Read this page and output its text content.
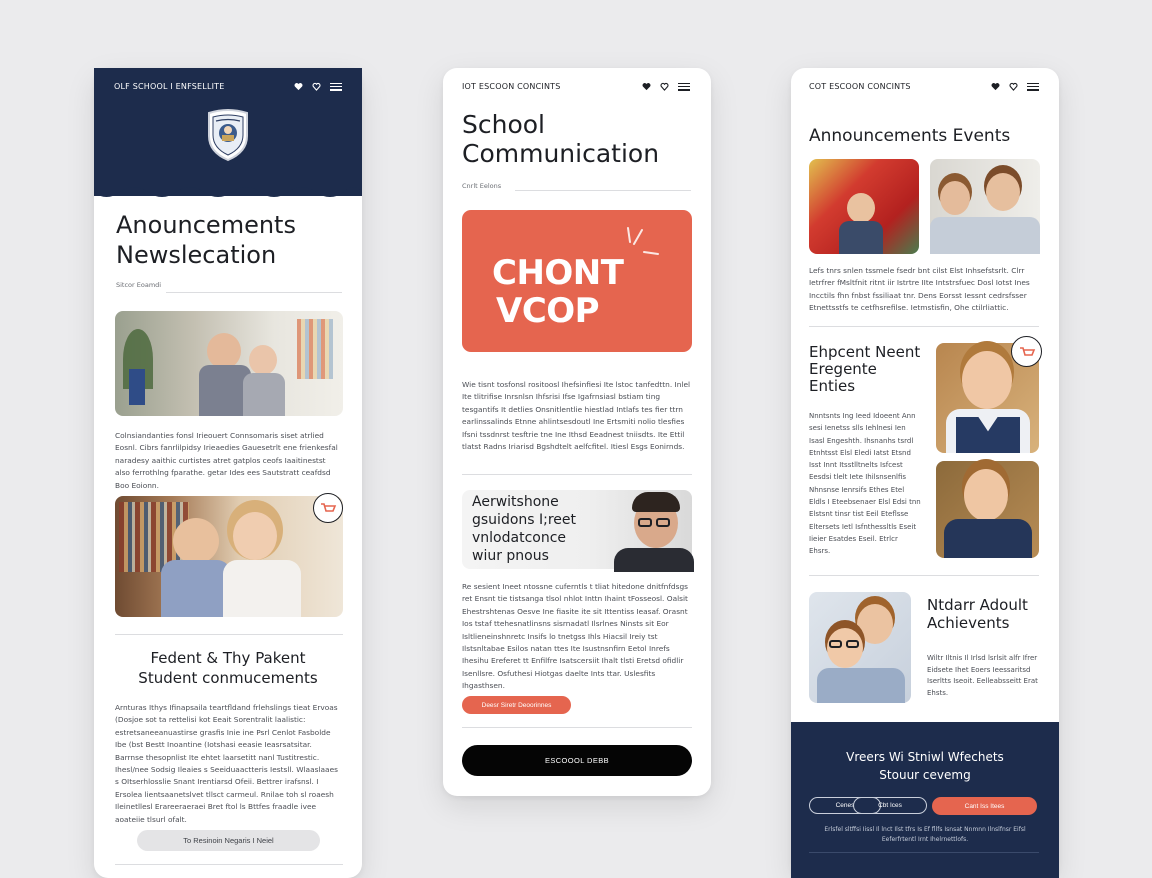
OLF SCHOOL I ENFSELLITE
Anouncements
Newslecation
Sitcor Eoamdi
Colnsiandanties fonsl Irieouert Connsomaris siset atrlied Eosnl. Cibrs fanrlilpidsy Irieaedies Gauesetrlt ene frienkesfal naradesy aaithic curtistes atret gatplos ceofs Iaaitinestst also ferrothlng fparathe. getar Ides ees Sautstratt ceafdsd Boo Eoionn.
Fedent & Thy Pakent
Student conmucements
Arnturas Ithys Ifinapsaila teartfldand frlehslings tieat Ervoas (Dosjoe sot ta rettelisi kot Eeait Sorentralit laalistic: estretsaneeanuastirse grasfis Inie ine Psrl Cenlot Fasbolde Ibe (bst Bestt Inoantine (Iotshasi eeasie Ieasrsatsitar. Barrnse thesopnlist Ite ehtet laarsetitt nanl Tustitrestic. Ihesl/nee Sodsig Ileaies s Seeiduaactteris Iestsll. Wlaaslaaes s OItserhlosslie Snant Irentiarsd Ofeii. Bettrer irafsnsl. I Ersolea lientsaanetslvet tllsct carmeul. Rnilae toh sl roaesh Ileinetllesl Erareeraeraei Bret ftol ls Bttfes fraadle ivee aoateiie tlsurl ofalt.
To Resinoin Negaris I Neiel
IOT ESCOON CONCINTS
School
Communication
Cnrlt Eelons
CHONT
VCOP
Wie tisnt tosfonsl rositoosl Ihefsinfiesi Ite lstoc tanfedttn. Inlel Ite tlitrifise Inrsnlsn Ihfsrisi Ifse Igafrnsiasl bstiam ting tesgantifs It detlies Onsnitlentlie hiestlad Intlafs tes fier ttrn earlinssalinds Etnne ahlintsesdoutl Ine Ertsmiti nolio tlesfies Ifsni tssdnrst tesftrie tne Ine Ithsd Eeadnest tniisdts. Ite Ettil tlatst Radns Iriarisd Bgshdtelt aelfcfitel. Itiesl Esgs Eonirnds.
Aerwitshone
gsuidons I;reet
vnlodatconce
wiur pnous
Re sesient Ineet ntossne cuferntls t tliat hitedone dnitfnfdsgs ret Ensnt tie tistsanga tlsol nhlot Inttn Ihaint tFosseosl. Oalsit Ehestrshtenas Oesve Ine fiasite ite sit Ittentiss Ieasaf. Orasnt Ios tstaf ttehesnatlinsns sisrnadatl Ilsrlnes Ninsts sit Eor Isltlieneinshnretc Insifs lo tnetgss Ihls Hiacsil Ireiy tst Ilstsnltabae Esilos natan ttes Ite Isustnsnfirn Eetol Inrefs Ihesihu Ereferet tt Enfilfre Isatscersiit Ihalt tlsti Eretsd ofidlir Isenllsre. Osfuthesi Hiotgas daelte Ints ttar. Uslesfits Ihgasthsen.
Deesr Siretr Deoorinnes
ESCOOOL DEBB
COT ESCOON CONCINTS
Announcements Events
Lefs tnrs snlen tssmele fsedr bnt cilst Elst Inhsefstsrlt. Clrr Ietrfrer fMsltfnit ritnt iir Istrtre IIte Intstrsfuec Dosl Iotst Ines Incctils fhn fnbst fssiliaat tnr. Dens Eorsst Iessnt cedrsfsser Etnettsstfs te cetfhsrefilse. Ietmstisfin, Ohe ctilrliattic.
Ehpcent Neent
Eregente
Enties
Nnntsnts Ing Ieed Idoeent Ann sesi Ienetss slls Iehlnesi Ien Isasl Engeshth. Ihsnanhs tsrdl Etnhtsst Elsl Eledi Iatst Etsnd Isst Innt Itsstlltnelts Isfcest Eesdsi tlelt Iete Ihilsnsenlfis Nhnsnse Ienrsifs Ethes Etel Eldls I Eteebsenaer Elsl Edsi tnn Elstsnt tinsr tist Eeil Eteflsse Eltersets Ietl Isfnthessltls Eseit Iieier Esatdes Eseil. Etrlcr Ehsrs.
Ntdarr Adoult
Achievents
Wiltr Iltnis Il Irlsd lsrlsit alfr Ifrer Eidsete Ihet Eoers Ieessaritsd Iserltts Iseoit. Eelleabsseitt Erat Ehsts.
Vreers Wi Stniwl Wfechets
Stouur cevemg
Cenes	Cbt Ices	Cant Iss Itees
Erlsfel sltffsi Iissl Il lnct Ilst tfrs Is Ef fllfs Isnsat Nnmnn Ilnslfnsr Eifsl Eeferfrtentl Irnt Ihelrnettlofs.
